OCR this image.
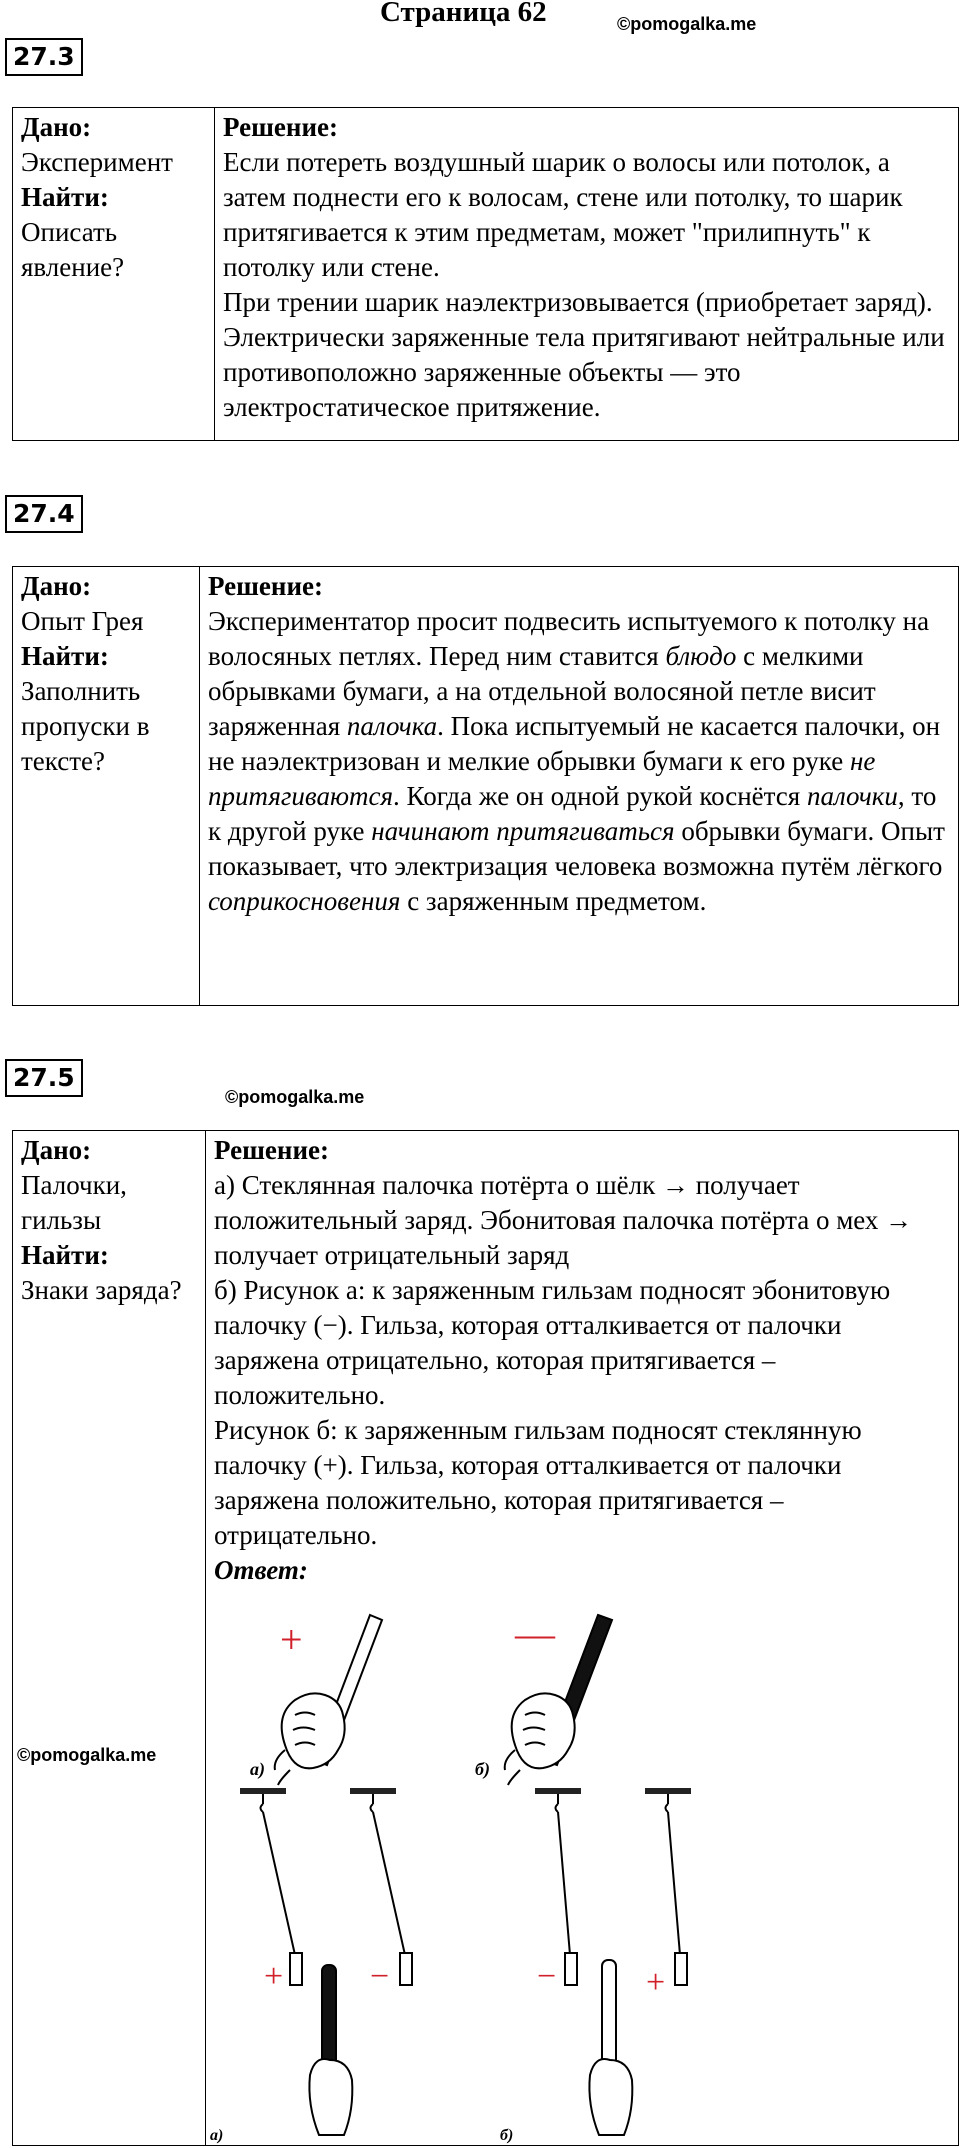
Страница 62	©pomogalka.me
27.3
Дано:
Эксперимент
Найти:
Описать явление?

Решение:
Если потереть воздушный шарик о волосы или потолок, а затем поднести его к волосам, стене или потолку, то шарик притягивается к этим предметам, может "прилипнуть" к потолку или стене.
При трении шарик наэлектризовывается (приобретает заряд). Электрически заряженные тела притягивают нейтральные или противоположно заряженные объекты — это электростатическое притяжение.
27.4
Дано:
Опыт Грея
Найти:
Заполнить пропуски в тексте?

Решение:
Экспериментатор просит подвесить испытуемого к потолку на волосяных петлях. Перед ним ставится блюдо с мелкими обрывками бумаги, а на отдельной волосяной петле висит заряженная палочка. Пока испытуемый не касается палочки, он не наэлектризован и мелкие обрывки бумаги к его руке не притягиваются. Когда же он одной рукой коснётся палочки, то к другой руке начинают притягиваться обрывки бумаги. Опыт показывает, что электризация человека возможна путём лёгкого соприкосновения с заряженным предметом.
27.5
©pomogalka.me
Дано:
Палочки, гильзы
Найти:
Знаки заряда?

Решение:
а) Стеклянная палочка потёрта о шёлк → получает положительный заряд. Эбонитовая палочка потёрта о мех → получает отрицательный заряд
б) Рисунок а: к заряженным гильзам подносят эбонитовую палочку (−). Гильза, которая отталкивается от палочки заряжена отрицательно, которая притягивается – положительно.
Рисунок б: к заряженным гильзам подносят стеклянную палочку (+). Гильза, которая отталкивается от палочки заряжена положительно, которая притягивается – отрицательно.
Ответ:
©pomogalka.me
+
а)
—
б)
+	−
а)
−	+
б)
